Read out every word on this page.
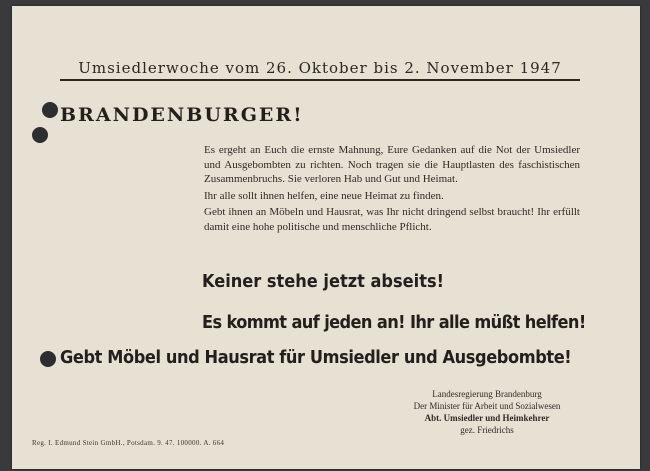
Umsiedlerwoche vom 26. Oktober bis 2. November 1947
BRANDENBURGER!

Es ergeht an Euch die ernste Mahnung, Eure Gedanken auf die Not der Umsiedler und Ausgebombten zu richten. Noch tragen sie die Hauptlasten des faschistischen Zusammenbruchs. Sie verloren Hab und Gut und Heimat.

Ihr alle sollt ihnen helfen, eine neue Heimat zu finden.

Gebt ihnen an Möbeln und Hausrat, was Ihr nicht dringend selbst braucht! Ihr erfüllt damit eine hohe politische und menschliche Pflicht.

Keiner stehe jetzt abseits!
Es kommt auf jeden an! Ihr alle müßt helfen!
Gebt Möbel und Hausrat für Umsiedler und Ausgebombte!
Landesregierung Brandenburg
Der Minister für Arbeit und Sozialwesen
Abt. Umsiedler und Heimkehrer
gez. Friedrichs
Reg. I. Edmund Stein GmbH., Potsdam. 9. 47. 100000. A. 664
